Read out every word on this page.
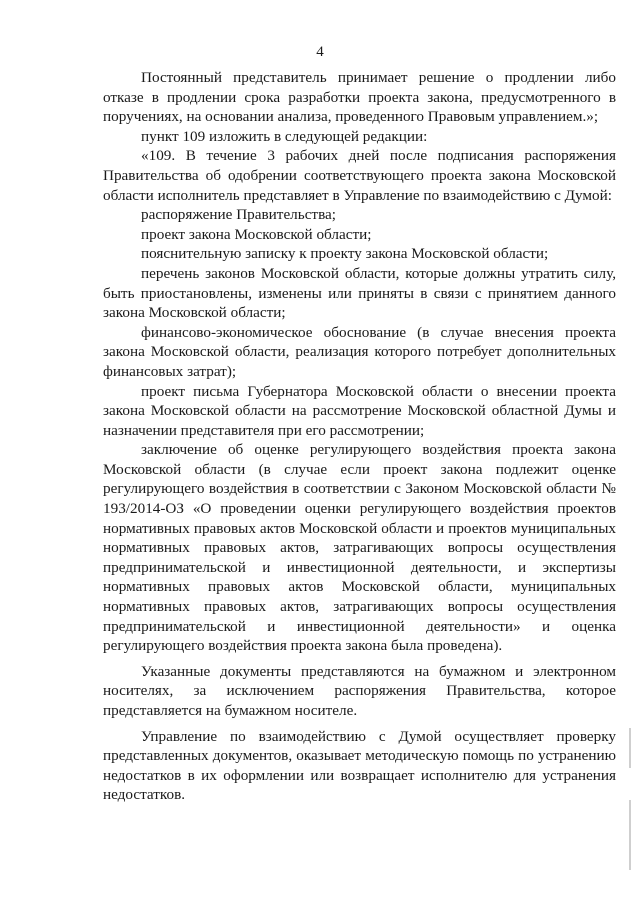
4

Постоянный представитель принимает решение о продлении либо отказе в продлении срока разработки проекта закона, предусмотренного в поручениях, на основании анализа, проведенного Правовым управлением.»;

пункт 109 изложить в следующей редакции:

«109. В течение 3 рабочих дней после подписания распоряжения Правительства об одобрении соответствующего проекта закона Московской области исполнитель представляет в Управление по взаимодействию с Думой:

распоряжение Правительства;

проект закона Московской области;

пояснительную записку к проекту закона Московской области;

перечень законов Московской области, которые должны утратить силу, быть приостановлены, изменены или приняты в связи с принятием данного закона Московской области;

финансово-экономическое обоснование (в случае внесения проекта закона Московской области, реализация которого потребует дополнительных финансовых затрат);

проект письма Губернатора Московской области о внесении проекта закона Московской области на рассмотрение Московской областной Думы и назначении представителя при его рассмотрении;

заключение об оценке регулирующего воздействия проекта закона Московской области (в случае если проект закона подлежит оценке регулирующего воздействия в соответствии с Законом Московской области № 193/2014-ОЗ «О проведении оценки регулирующего воздействия проектов нормативных правовых актов Московской области и проектов муниципальных нормативных правовых актов, затрагивающих вопросы осуществления предпринимательской и инвестиционной деятельности, и экспертизы нормативных правовых актов Московской области, муниципальных нормативных правовых актов, затрагивающих вопросы осуществления предпринимательской и инвестиционной деятельности» и оценка регулирующего воздействия проекта закона была проведена).

Указанные документы представляются на бумажном и электронном носителях, за исключением распоряжения Правительства, которое представляется на бумажном носителе.

Управление по взаимодействию с Думой осуществляет проверку представленных документов, оказывает методическую помощь по устранению недостатков в их оформлении или возвращает исполнителю для устранения недостатков.
